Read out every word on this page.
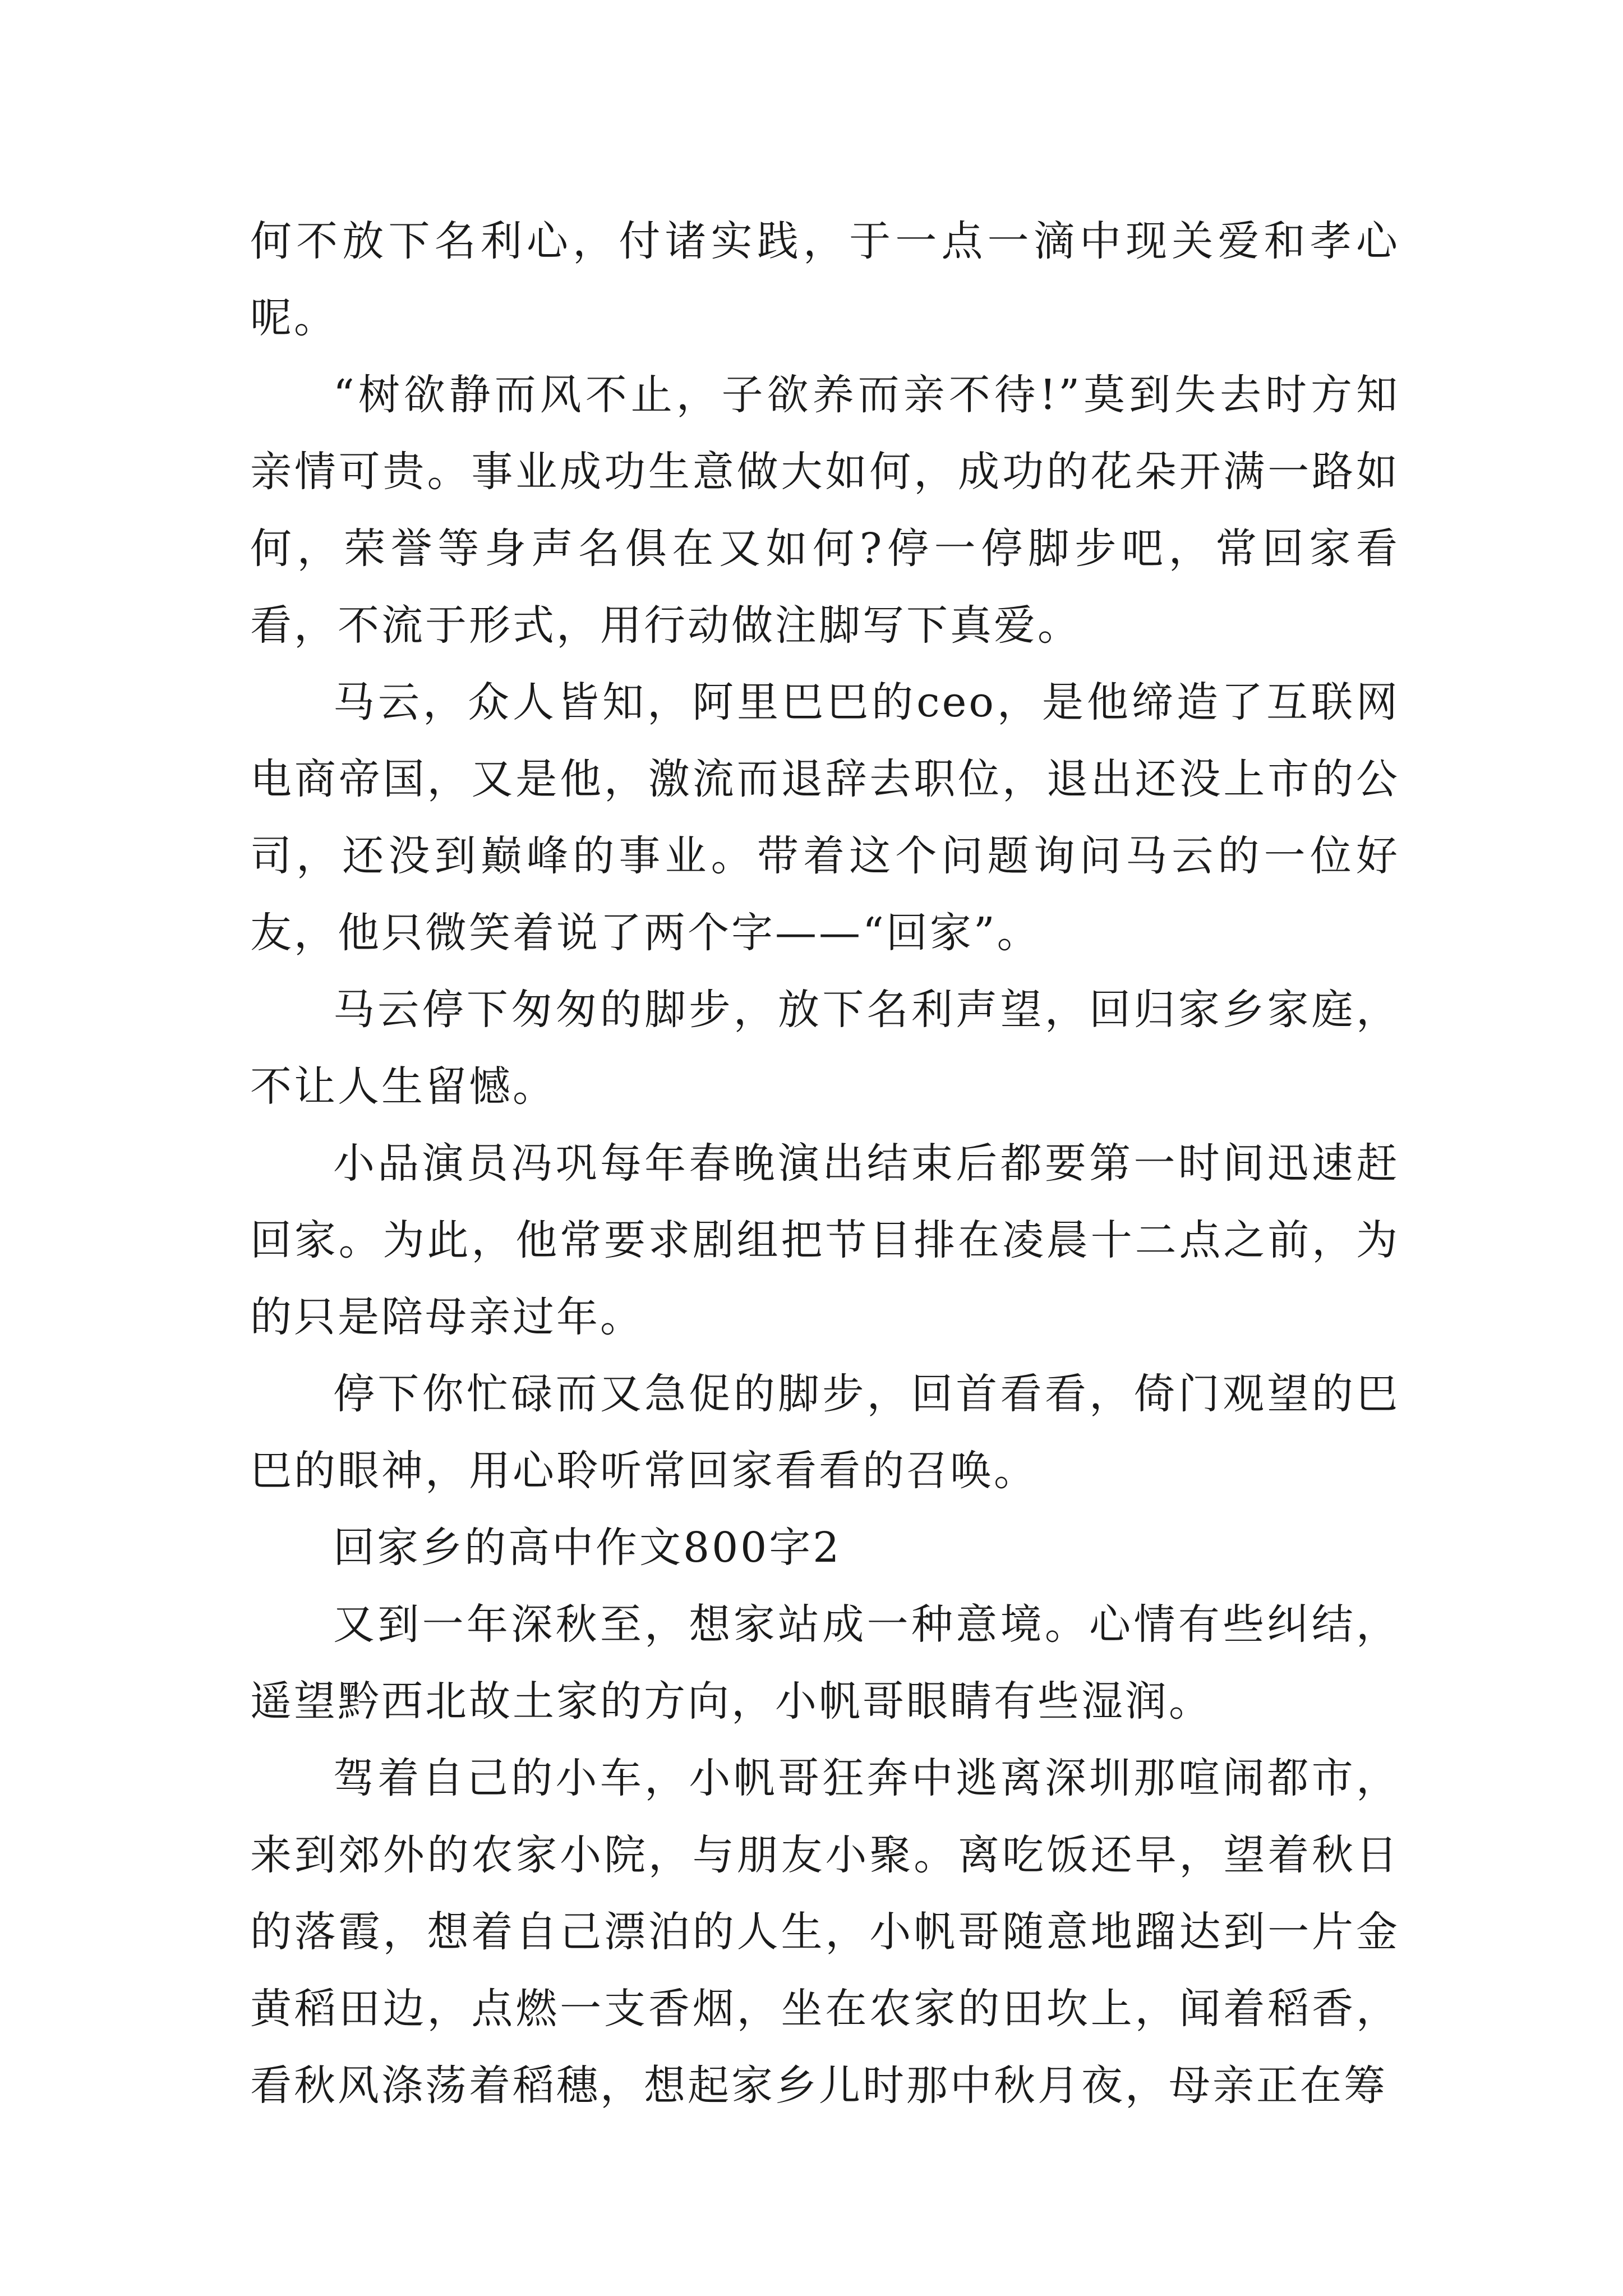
何不放下名利心，付诸实践，于一点一滴中现关爱和孝心呢。

“树欲静而风不止，子欲养而亲不待!”莫到失去时方知亲情可贵。事业成功生意做大如何，成功的花朵开满一路如何，荣誉等身声名俱在又如何?停一停脚步吧，常回家看看，不流于形式，用行动做注脚写下真爱。

马云，众人皆知，阿里巴巴的ceo，是他缔造了互联网电商帝国，又是他，激流而退辞去职位，退出还没上市的公司，还没到巅峰的事业。带着这个问题询问马云的一位好友，他只微笑着说了两个字——“回家”。

马云停下匆匆的脚步，放下名利声望，回归家乡家庭，不让人生留憾。

小品演员冯巩每年春晚演出结束后都要第一时间迅速赶回家。为此，他常要求剧组把节目排在凌晨十二点之前，为的只是陪母亲过年。

停下你忙碌而又急促的脚步，回首看看，倚门观望的巴巴的眼神，用心聆听常回家看看的召唤。

回家乡的高中作文800字2

又到一年深秋至，想家站成一种意境。心情有些纠结，遥望黔西北故土家的方向，小帆哥眼睛有些湿润。

驾着自己的小车，小帆哥狂奔中逃离深圳那喧闹都市，来到郊外的农家小院，与朋友小聚。离吃饭还早，望着秋日的落霞，想着自己漂泊的人生，小帆哥随意地蹓达到一片金黄稻田边，点燃一支香烟，坐在农家的田坎上，闻着稻香，看秋风涤荡着稻穗，想起家乡儿时那中秋月夜，母亲正在筹
